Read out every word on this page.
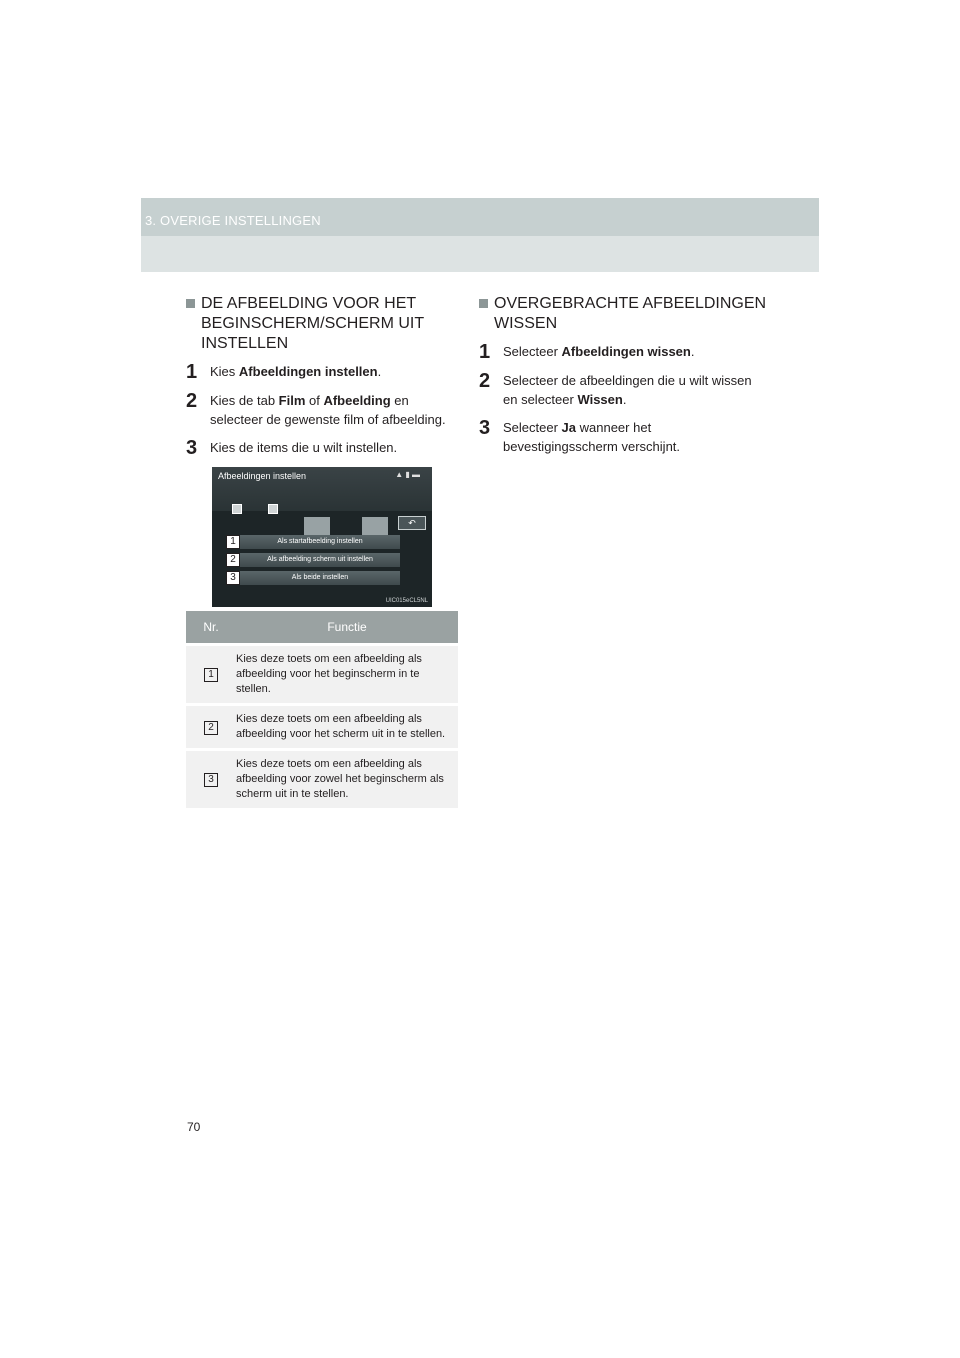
3. OVERIGE INSTELLINGEN
DE AFBEELDING VOOR HET BEGINSCHERM/SCHERM UIT INSTELLEN
1 Kies Afbeeldingen instellen.
2 Kies de tab Film of Afbeelding en selecteer de gewenste film of afbeelding.
3 Kies de items die u wilt instellen.
Afbeeldingen instellen	▲ ▮ ▬
↶
Als startafbeelding instellen
Als afbeelding scherm uit instellen
Als beide instellen
1
2
3
UIC015eCL5NL
Nr.	Functie

1	Kies deze toets om een afbeelding als afbeelding voor het beginscherm in te stellen.

2	Kies deze toets om een afbeelding als afbeelding voor het scherm uit in te stellen.

3	Kies deze toets om een afbeelding als afbeelding voor zowel het beginscherm als scherm uit in te stellen.
OVERGEBRACHTE AFBEELDINGEN WISSEN
1 Selecteer Afbeeldingen wissen.
2 Selecteer de afbeeldingen die u wilt wissen en selecteer Wissen.
3 Selecteer Ja wanneer het bevestigingsscherm verschijnt.
70
